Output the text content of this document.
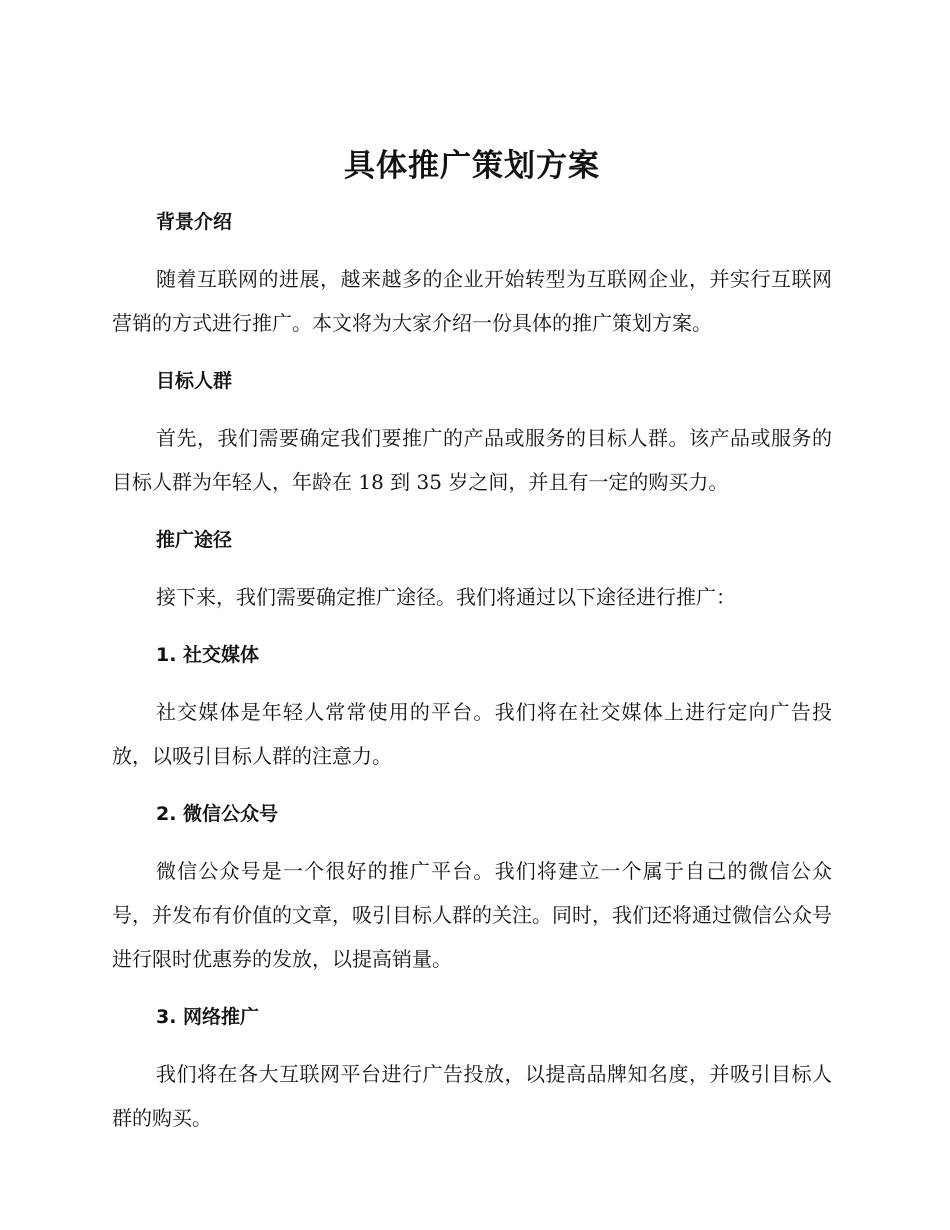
具体推广策划方案
背景介绍

随着互联网的进展，越来越多的企业开始转型为互联网企业，并实行互联网营销的方式进行推广。本文将为大家介绍一份具体的推广策划方案。

目标人群

首先，我们需要确定我们要推广的产品或服务的目标人群。该产品或服务的目标人群为年轻人，年龄在 18 到 35 岁之间，并且有一定的购买力。

推广途径

接下来，我们需要确定推广途径。我们将通过以下途径进行推广：

1. 社交媒体

社交媒体是年轻人常常使用的平台。我们将在社交媒体上进行定向广告投放，以吸引目标人群的注意力。

2. 微信公众号

微信公众号是一个很好的推广平台。我们将建立一个属于自己的微信公众号，并发布有价值的文章，吸引目标人群的关注。同时，我们还将通过微信公众号进行限时优惠券的发放，以提高销量。

3. 网络推广

我们将在各大互联网平台进行广告投放，以提高品牌知名度，并吸引目标人群的购买。
